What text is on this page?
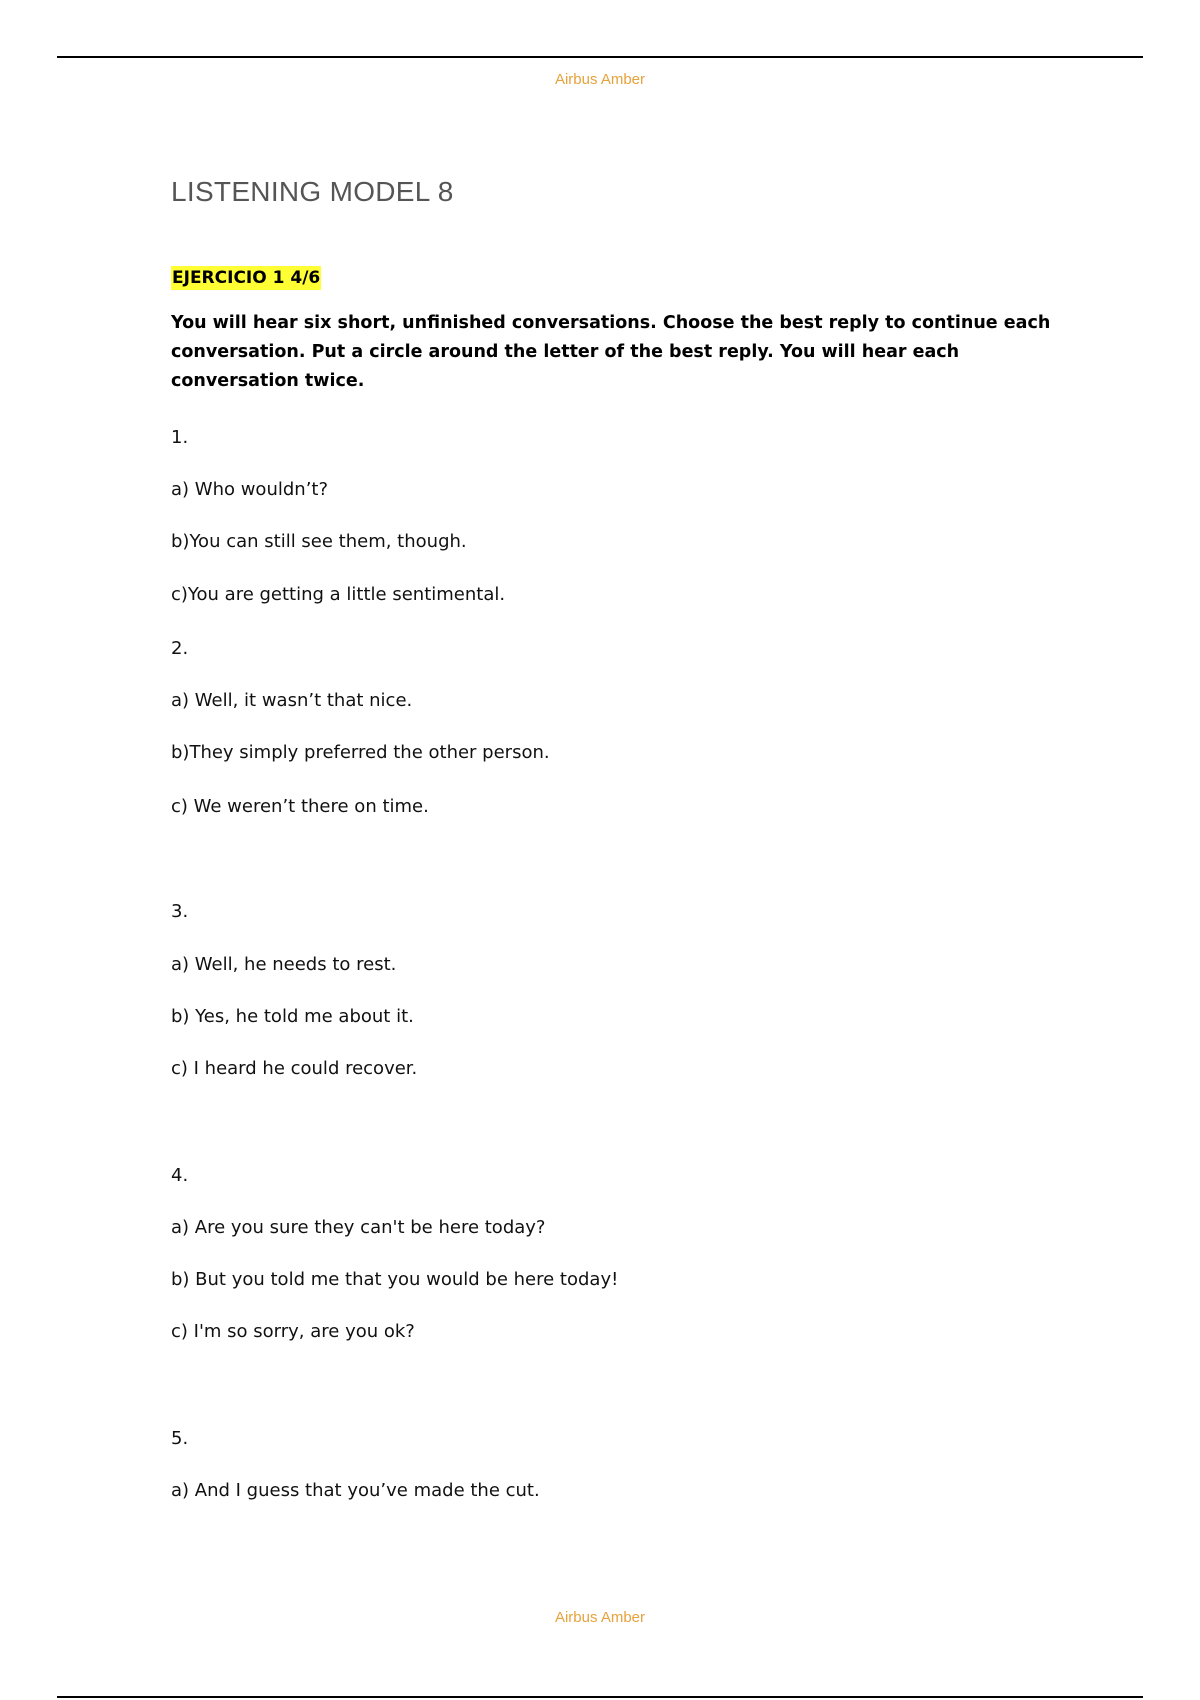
Airbus Amber
LISTENING MODEL 8
EJERCICIO 1 4/6

You will hear six short, unfinished conversations. Choose the best reply to continue each conversation. Put a circle around the letter of the best reply. You will hear each conversation twice.

1.
a) Who wouldn’t?
b)You can still see them, though.
c)You are getting a little sentimental.
2.
a) Well, it wasn’t that nice.
b)They simply preferred the other person.
c) We weren’t there on time.
3.
a) Well, he needs to rest.
b) Yes, he told me about it.
c) I heard he could recover.
4.
a) Are you sure they can't be here today?
b) But you told me that you would be here today!
c) I'm so sorry, are you ok?
5.
a) And I guess that you’ve made the cut.
Airbus Amber
